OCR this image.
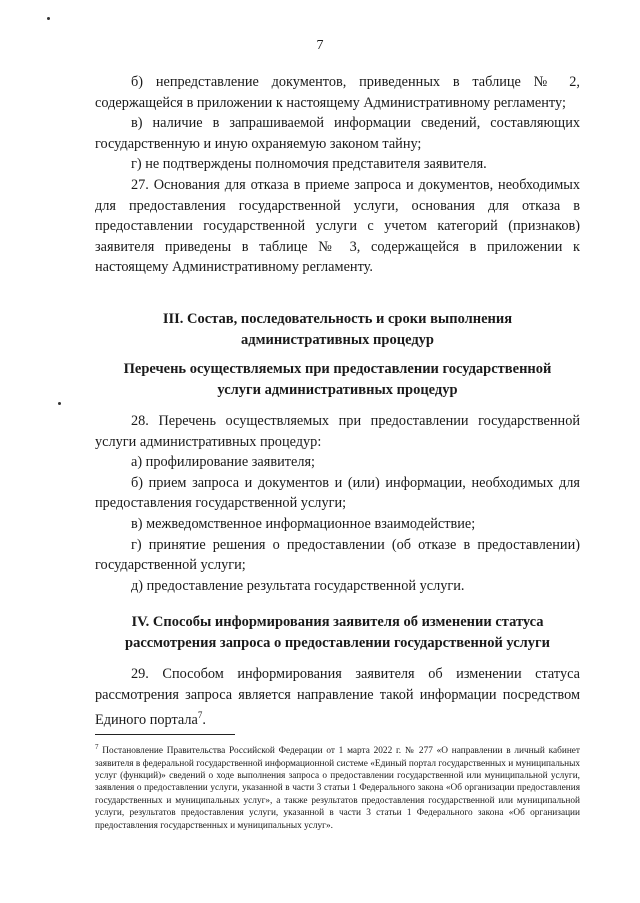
7

б) непредставление документов, приведенных в таблице № 2, содержащейся в приложении к настоящему Административному регламенту;

в) наличие в запрашиваемой информации сведений, составляющих государственную и иную охраняемую законом тайну;

г) не подтверждены полномочия представителя заявителя.

27. Основания для отказа в приеме запроса и документов, необходимых для предоставления государственной услуги, основания для отказа в предоставлении государственной услуги с учетом категорий (признаков) заявителя приведены в таблице № 3, содержащейся в приложении к настоящему Административному регламенту.

III. Состав, последовательность и сроки выполнения
административных процедур
Перечень осуществляемых при предоставлении государственной
услуги административных процедур

28. Перечень осуществляемых при предоставлении государственной услуги административных процедур:

а) профилирование заявителя;

б) прием запроса и документов и (или) информации, необходимых для предоставления государственной услуги;

в) межведомственное информационное взаимодействие;

г) принятие решения о предоставлении (об отказе в предоставлении) государственной услуги;

д) предоставление результата государственной услуги.

IV. Способы информирования заявителя об изменении статуса
рассмотрения запроса о предоставлении государственной услуги

29. Способом информирования заявителя об изменении статуса рассмотрения запроса является направление такой информации посредством Единого портала$^7$.

$^7$ Постановление Правительства Российской Федерации от 1 марта 2022 г. № 277 «О направлении в личный кабинет заявителя в федеральной государственной информационной системе «Единый портал государственных и муниципальных услуг (функций)» сведений о ходе выполнения запроса о предоставлении государственной или муниципальной услуги, заявления о предоставлении услуги, указанной в части 3 статьи 1 Федерального закона «Об организации предоставления государственных и муниципальных услуг», а также результатов предоставления государственной или муниципальной услуги, результатов предоставления услуги, указанной в части 3 статьи 1 Федерального закона «Об организации предоставления государственных и муниципальных услуг».
